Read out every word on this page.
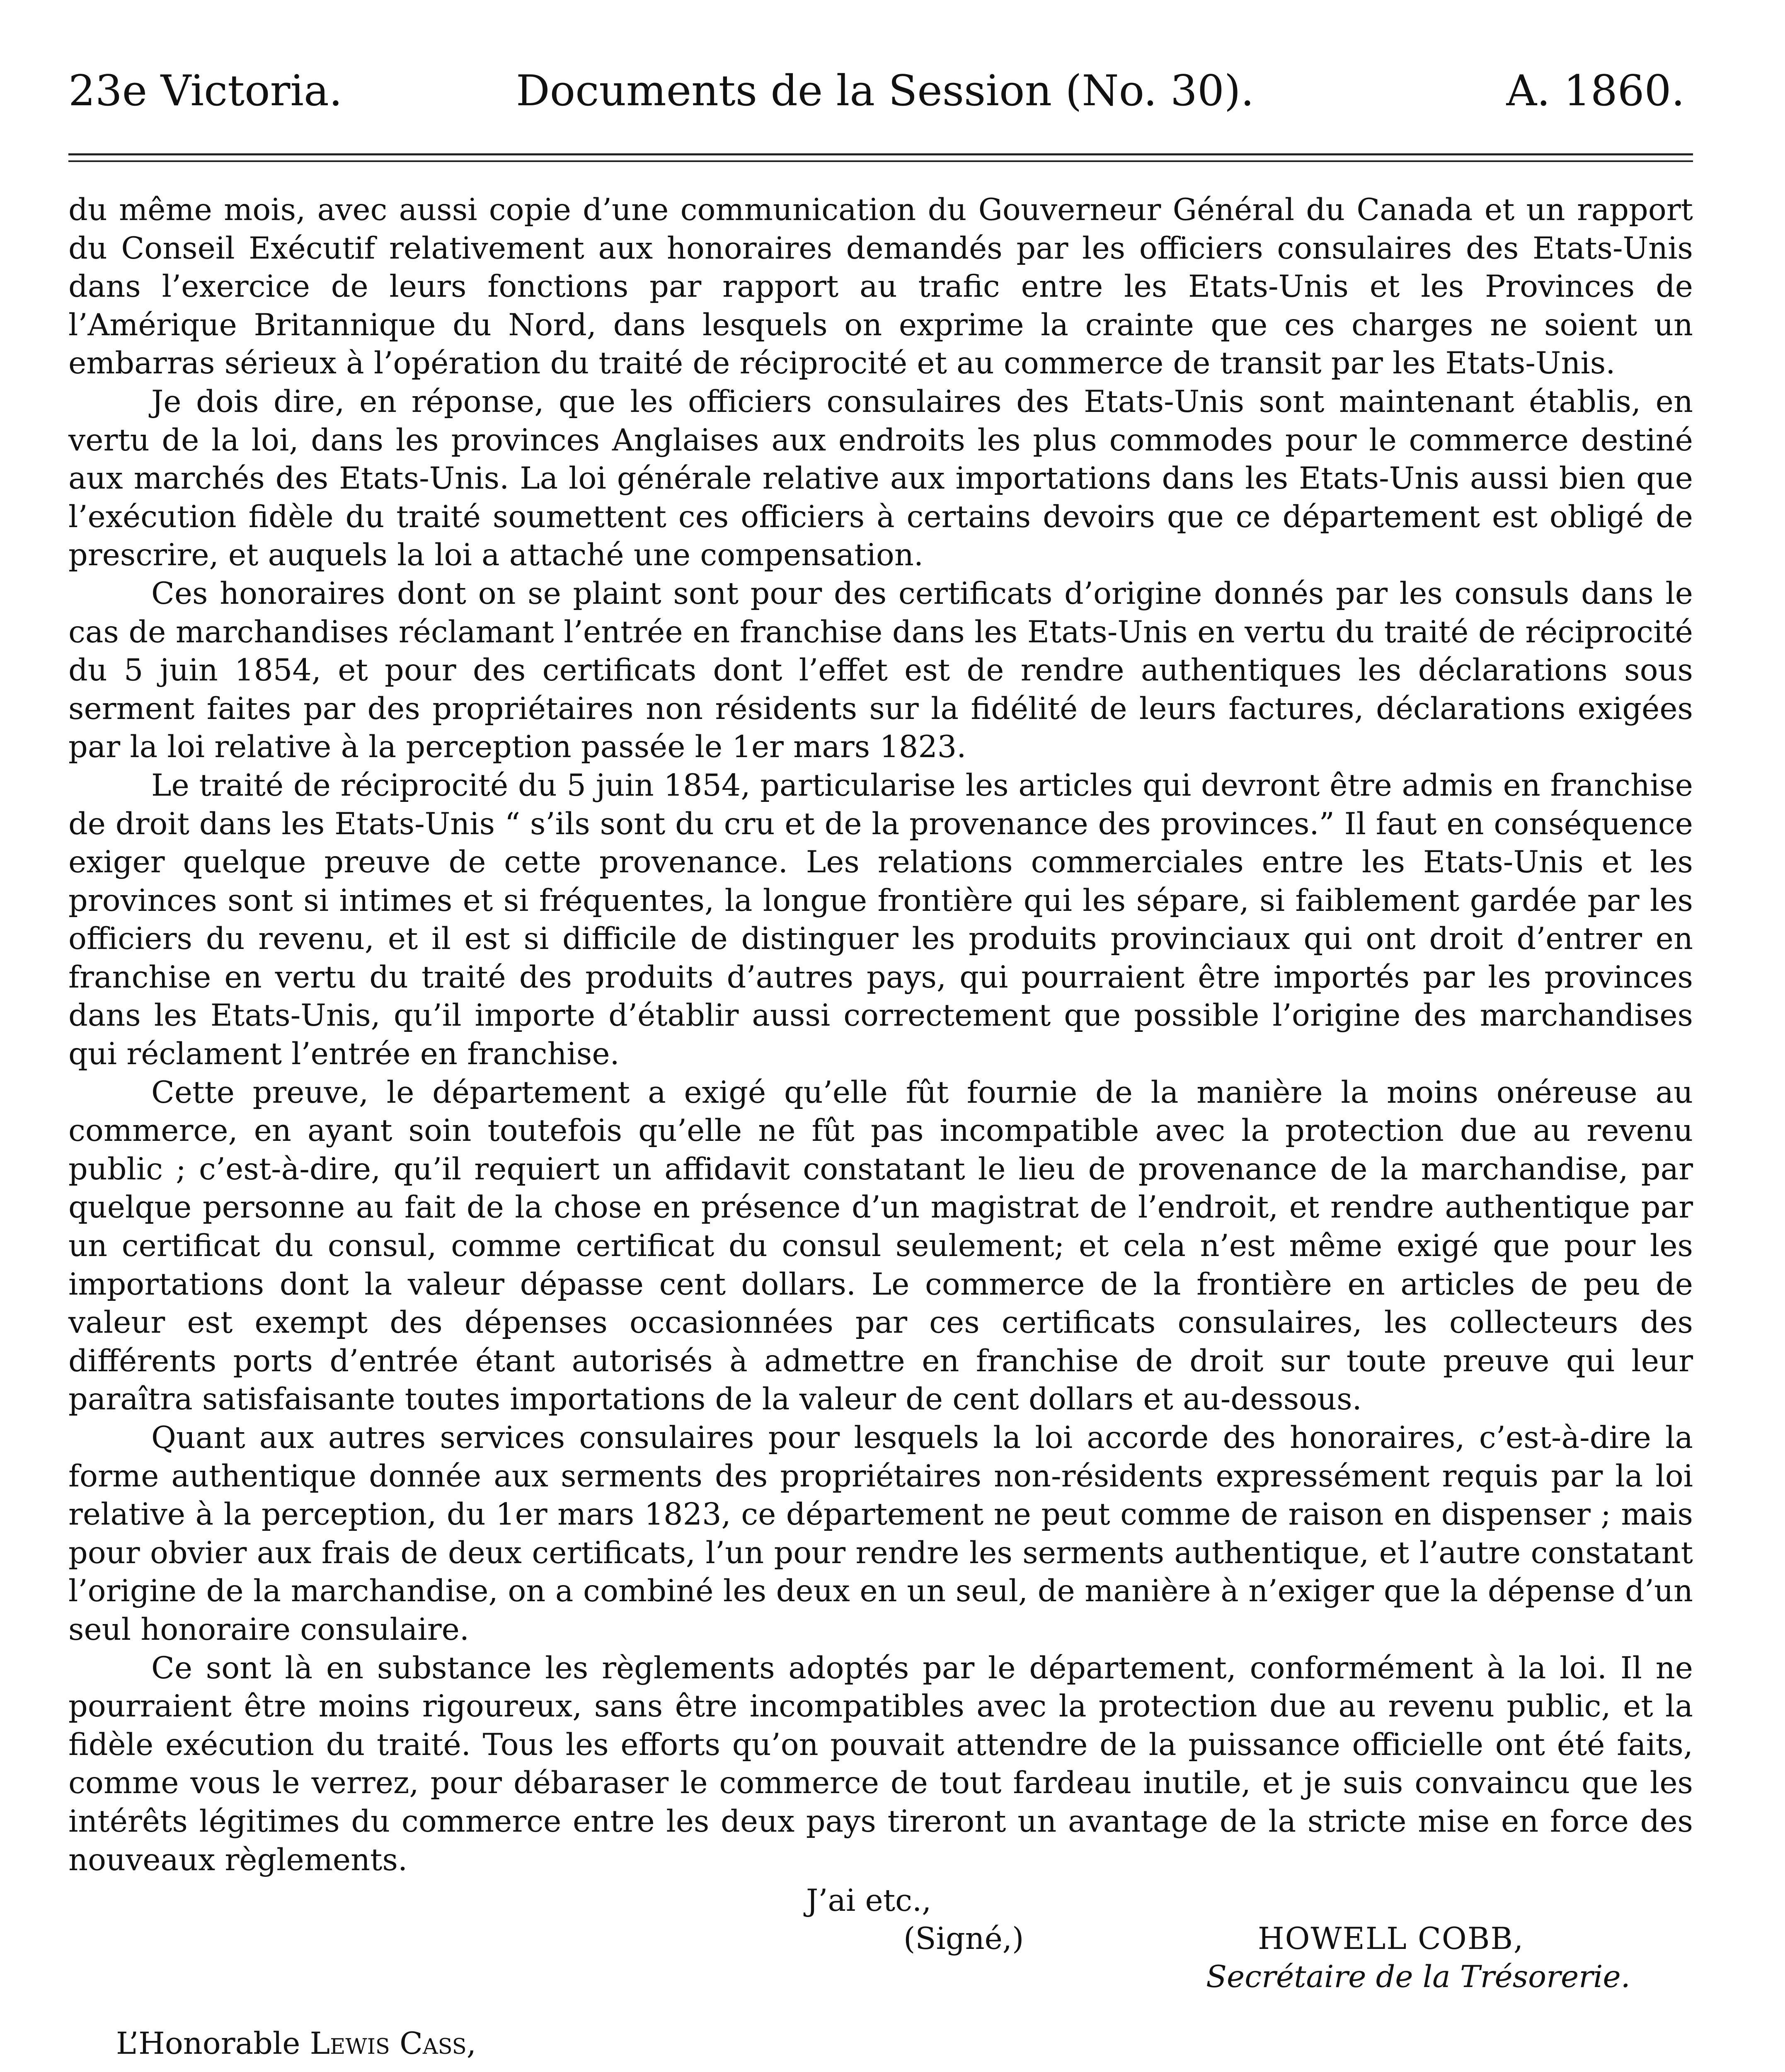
23e Victoria.	Documents de la Session (No. 30).	A. 1860.

du même mois, avec aussi copie d’une communication du Gouverneur Général du Canada et un rapport du Conseil Exécutif relativement aux honoraires demandés par les officiers consulaires des Etats-Unis dans l’exercice de leurs fonctions par rapport au trafic entre les Etats-Unis et les Provinces de l’Amérique Britannique du Nord, dans lesquels on exprime la crainte que ces charges ne soient un embarras sérieux à l’opération du traité de réciprocité et au commerce de transit par les Etats-Unis.

Je dois dire, en réponse, que les officiers consulaires des Etats-Unis sont maintenant établis, en vertu de la loi, dans les provinces Anglaises aux endroits les plus commodes pour le commerce destiné aux marchés des Etats-Unis. La loi générale relative aux importations dans les Etats-Unis aussi bien que l’exécution fidèle du traité soumettent ces officiers à certains devoirs que ce département est obligé de prescrire, et auquels la loi a attaché une compensation.

Ces honoraires dont on se plaint sont pour des certificats d’origine donnés par les consuls dans le cas de marchandises réclamant l’entrée en franchise dans les Etats-Unis en vertu du traité de réciprocité du 5 juin 1854, et pour des certificats dont l’effet est de rendre authentiques les déclarations sous serment faites par des propriétaires non résidents sur la fidélité de leurs factures, déclarations exigées par la loi relative à la perception passée le 1er mars 1823.

Le traité de réciprocité du 5 juin 1854, particularise les articles qui devront être admis en franchise de droit dans les Etats-Unis “ s’ils sont du cru et de la provenance des provinces.” Il faut en conséquence exiger quelque preuve de cette provenance. Les relations commerciales entre les Etats-Unis et les provinces sont si intimes et si fréquentes, la longue frontière qui les sépare, si faiblement gardée par les officiers du revenu, et il est si difficile de distinguer les produits provinciaux qui ont droit d’entrer en franchise en vertu du traité des produits d’autres pays, qui pourraient être importés par les provinces dans les Etats-Unis, qu’il importe d’établir aussi correctement que possible l’origine des marchandises qui réclament l’entrée en franchise.

Cette preuve, le département a exigé qu’elle fût fournie de la manière la moins onéreuse au commerce, en ayant soin toutefois qu’elle ne fût pas incompatible avec la protection due au revenu public ; c’est-à-dire, qu’il requiert un affidavit constatant le lieu de provenance de la marchandise, par quelque personne au fait de la chose en présence d’un magistrat de l’endroit, et rendre authentique par un certificat du consul, comme certificat du consul seulement; et cela n’est même exigé que pour les importations dont la valeur dépasse cent dollars. Le commerce de la frontière en articles de peu de valeur est exempt des dépenses occasionnées par ces certificats consulaires, les collecteurs des différents ports d’entrée étant autorisés à admettre en franchise de droit sur toute preuve qui leur paraîtra satisfaisante toutes importations de la valeur de cent dollars et au-dessous.

Quant aux autres services consulaires pour lesquels la loi accorde des honoraires, c’est-à-dire la forme authentique donnée aux serments des propriétaires non-résidents expressément requis par la loi relative à la perception, du 1er mars 1823, ce département ne peut comme de raison en dispenser ; mais pour obvier aux frais de deux certificats, l’un pour rendre les serments authentique, et l’autre constatant l’origine de la marchandise, on a combiné les deux en un seul, de manière à n’exiger que la dépense d’un seul honoraire consulaire.

Ce sont là en substance les règlements adoptés par le département, conformément à la loi. Il ne pourraient être moins rigoureux, sans être incompatibles avec la protection due au revenu public, et la fidèle exécution du traité. Tous les efforts qu’on pouvait attendre de la puissance officielle ont été faits, comme vous le verrez, pour débaraser le commerce de tout fardeau inutile, et je suis convaincu que les intérêts légitimes du commerce entre les deux pays tireront un avantage de la stricte mise en force des nouveaux règlements.

J’ai etc.,
(Signé,)	HOWELL COBB,
Secrétaire de la Trésorerie.
L’Honorable Lewis Cass,
